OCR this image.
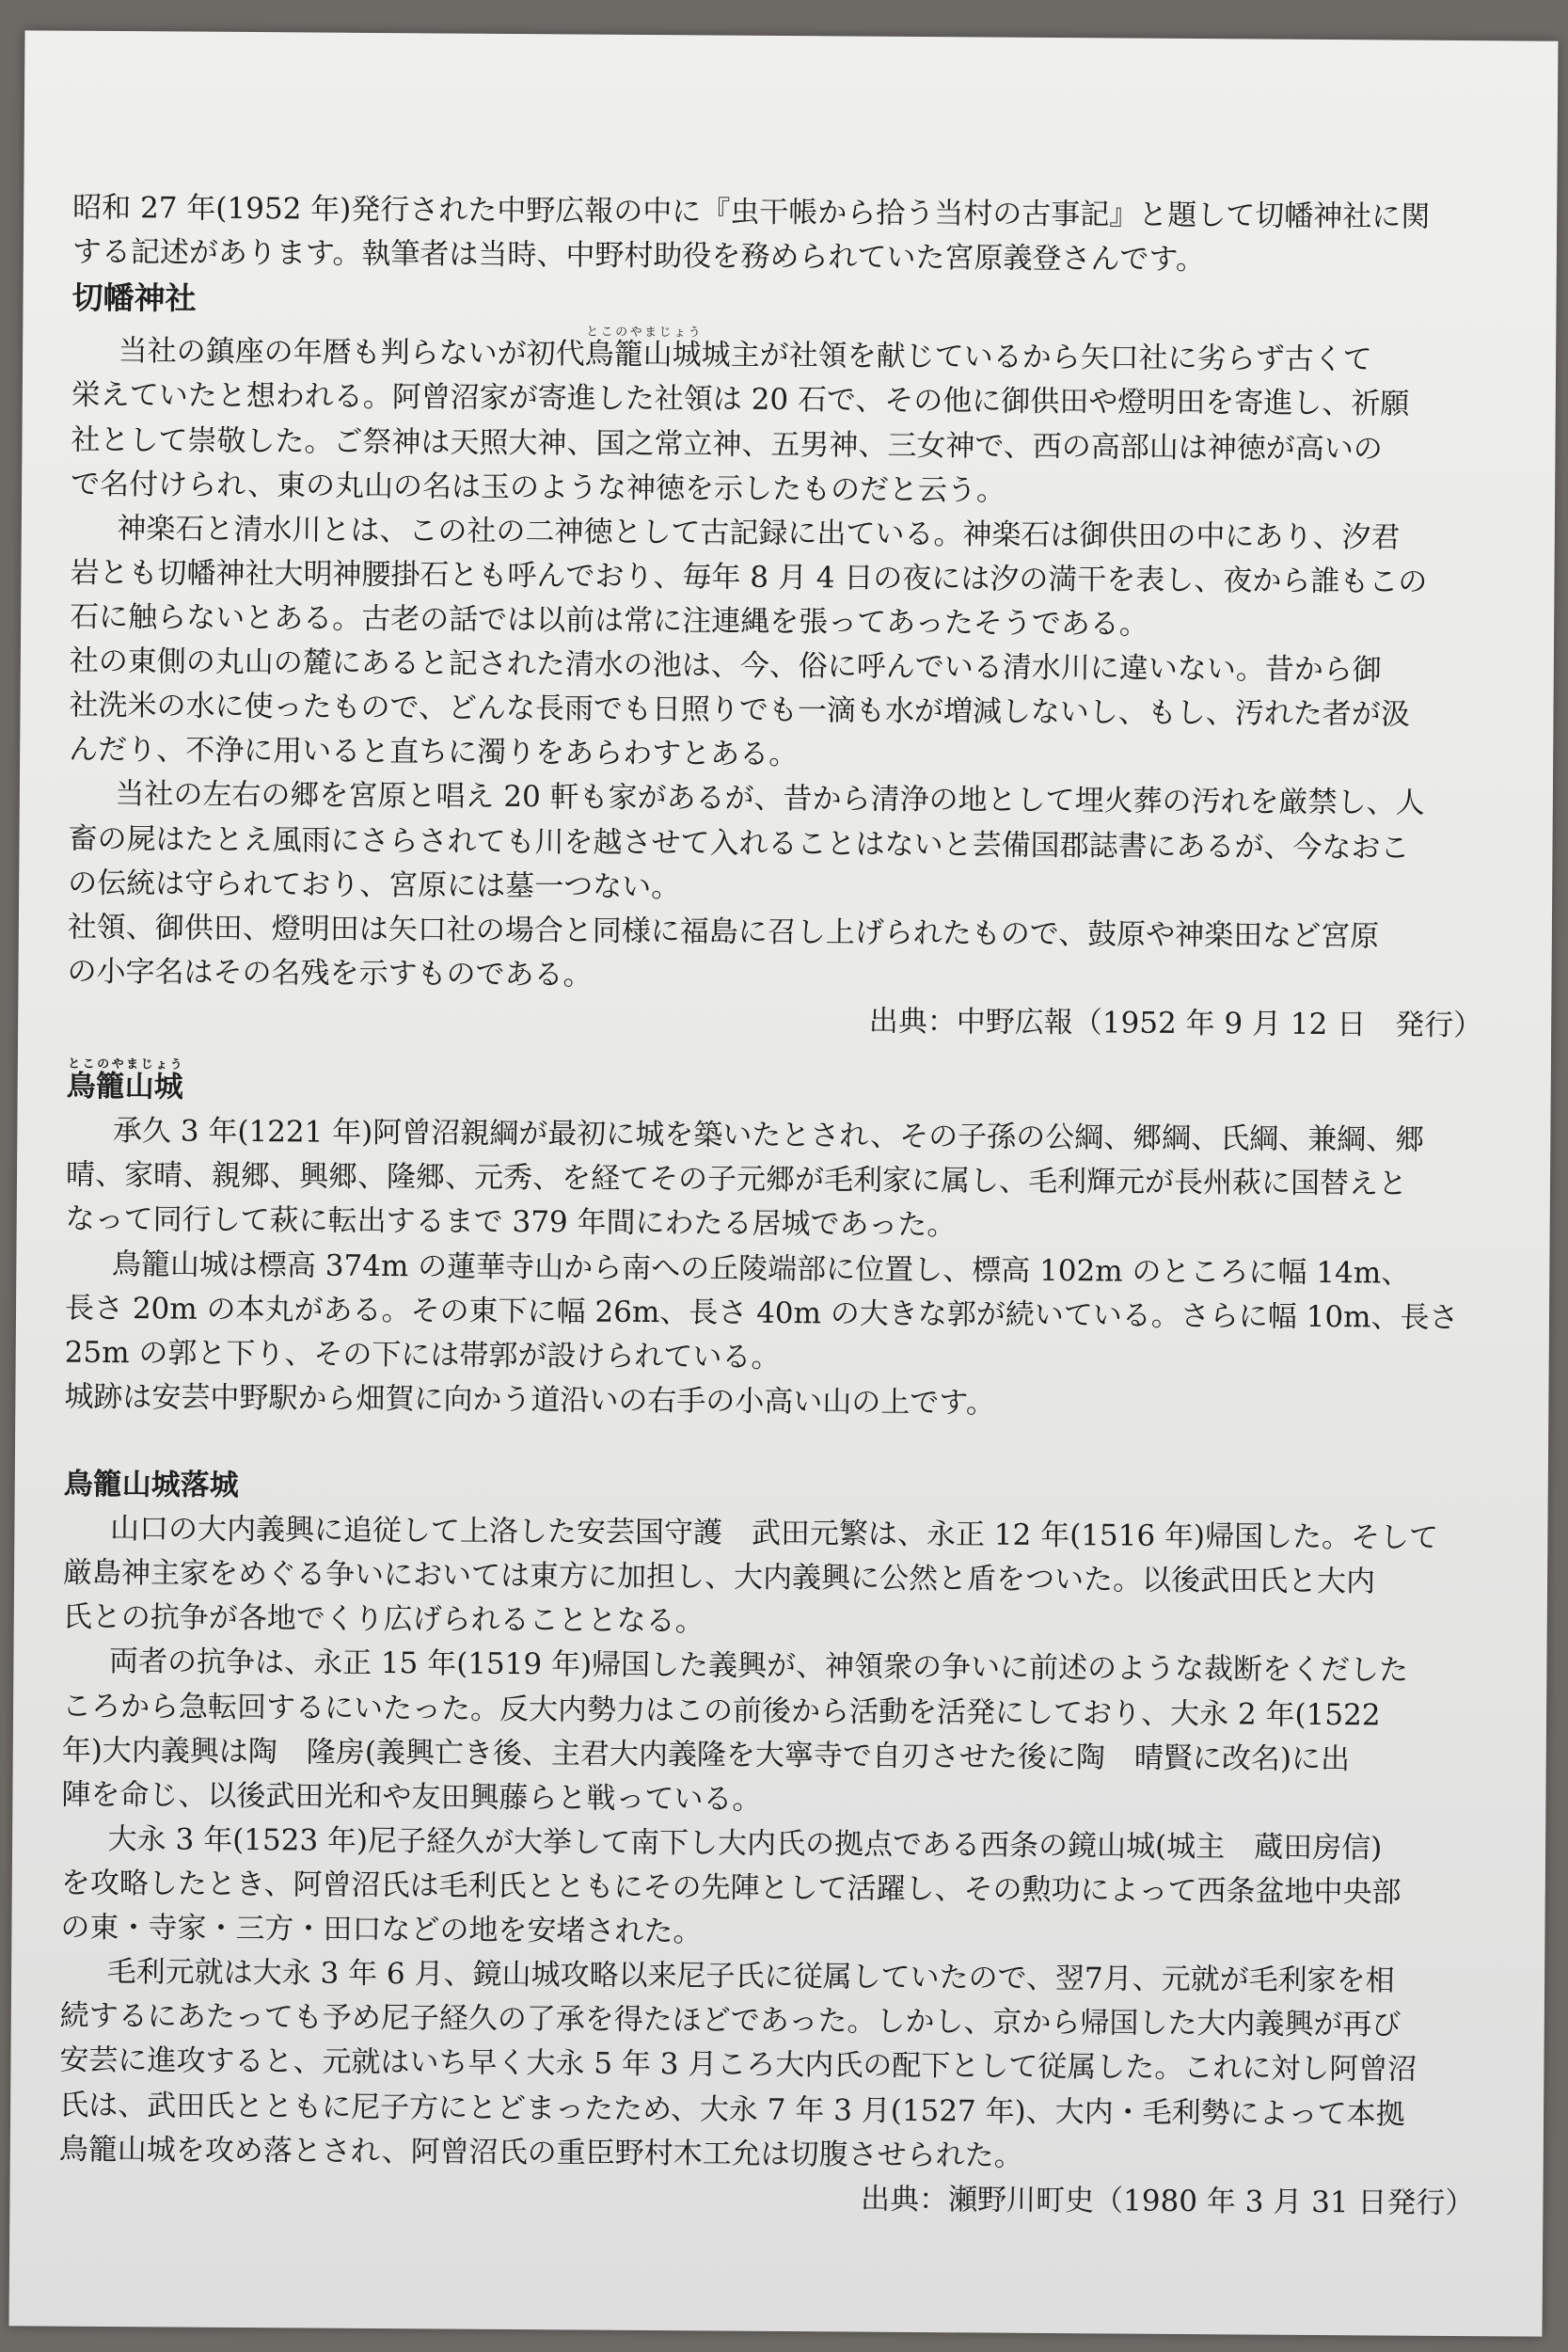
昭和 27 年(1952 年)発行された中野広報の中に『虫干帳から拾う当村の古事記』と題して切幡神社に関

する記述があります。執筆者は当時、中野村助役を務められていた宮原義登さんです。

切幡神社

当社の鎮座の年暦も判らないが初代鳥籠山城とこのやまじょう城主が社領を献じているから矢口社に劣らず古くて

栄えていたと想われる。阿曾沼家が寄進した社領は 20 石で、その他に御供田や燈明田を寄進し、祈願

社として崇敬した。ご祭神は天照大神、国之常立神、五男神、三女神で、西の高部山は神徳が高いの

で名付けられ、東の丸山の名は玉のような神徳を示したものだと云う。

神楽石と清水川とは、この社の二神徳として古記録に出ている。神楽石は御供田の中にあり、汐君

岩とも切幡神社大明神腰掛石とも呼んでおり、毎年 8 月 4 日の夜には汐の満干を表し、夜から誰もこの

石に触らないとある。古老の話では以前は常に注連縄を張ってあったそうである。

社の東側の丸山の麓にあると記された清水の池は、今、俗に呼んでいる清水川に違いない。昔から御

社洗米の水に使ったもので、どんな長雨でも日照りでも一滴も水が増減しないし、もし、汚れた者が汲

んだり、不浄に用いると直ちに濁りをあらわすとある。

当社の左右の郷を宮原と唱え 20 軒も家があるが、昔から清浄の地として埋火葬の汚れを厳禁し、人

畜の屍はたとえ風雨にさらされても川を越させて入れることはないと芸備国郡誌書にあるが、今なおこ

の伝統は守られており、宮原には墓一つない。

社領、御供田、燈明田は矢口社の場合と同様に福島に召し上げられたもので、鼓原や神楽田など宮原

の小字名はその名残を示すものである。

出典：中野広報（1952 年 9 月 12 日　発行）

鳥籠山城とこのやまじょう

承久 3 年(1221 年)阿曾沼親綱が最初に城を築いたとされ、その子孫の公綱、郷綱、氏綱、兼綱、郷

晴、家晴、親郷、興郷、隆郷、元秀、を経てその子元郷が毛利家に属し、毛利輝元が長州萩に国替えと

なって同行して萩に転出するまで 379 年間にわたる居城であった。

鳥籠山城は標高 374m の蓮華寺山から南への丘陵端部に位置し、標高 102m のところに幅 14m、

長さ 20m の本丸がある。その東下に幅 26m、長さ 40m の大きな郭が続いている。さらに幅 10m、長さ

25m の郭と下り、その下には帯郭が設けられている。

城跡は安芸中野駅から畑賀に向かう道沿いの右手の小高い山の上です。

鳥籠山城落城

山口の大内義興に追従して上洛した安芸国守護　武田元繁は、永正 12 年(1516 年)帰国した。そして

厳島神主家をめぐる争いにおいては東方に加担し、大内義興に公然と盾をついた。以後武田氏と大内

氏との抗争が各地でくり広げられることとなる。

両者の抗争は、永正 15 年(1519 年)帰国した義興が、神領衆の争いに前述のような裁断をくだした

ころから急転回するにいたった。反大内勢力はこの前後から活動を活発にしており、大永 2 年(1522

年)大内義興は陶　隆房(義興亡き後、主君大内義隆を大寧寺で自刃させた後に陶　晴賢に改名)に出

陣を命じ、以後武田光和や友田興藤らと戦っている。

大永 3 年(1523 年)尼子経久が大挙して南下し大内氏の拠点である西条の鏡山城(城主　蔵田房信)

を攻略したとき、阿曾沼氏は毛利氏とともにその先陣として活躍し、その勲功によって西条盆地中央部

の東・寺家・三方・田口などの地を安堵された。

毛利元就は大永 3 年 6 月、鏡山城攻略以来尼子氏に従属していたので、翌7月、元就が毛利家を相

続するにあたっても予め尼子経久の了承を得たほどであった。しかし、京から帰国した大内義興が再び

安芸に進攻すると、元就はいち早く大永 5 年 3 月ころ大内氏の配下として従属した。これに対し阿曾沼

氏は、武田氏とともに尼子方にとどまったため、大永 7 年 3 月(1527 年)、大内・毛利勢によって本拠

鳥籠山城を攻め落とされ、阿曾沼氏の重臣野村木工允は切腹させられた。

出典：瀬野川町史（1980 年 3 月 31 日発行）
